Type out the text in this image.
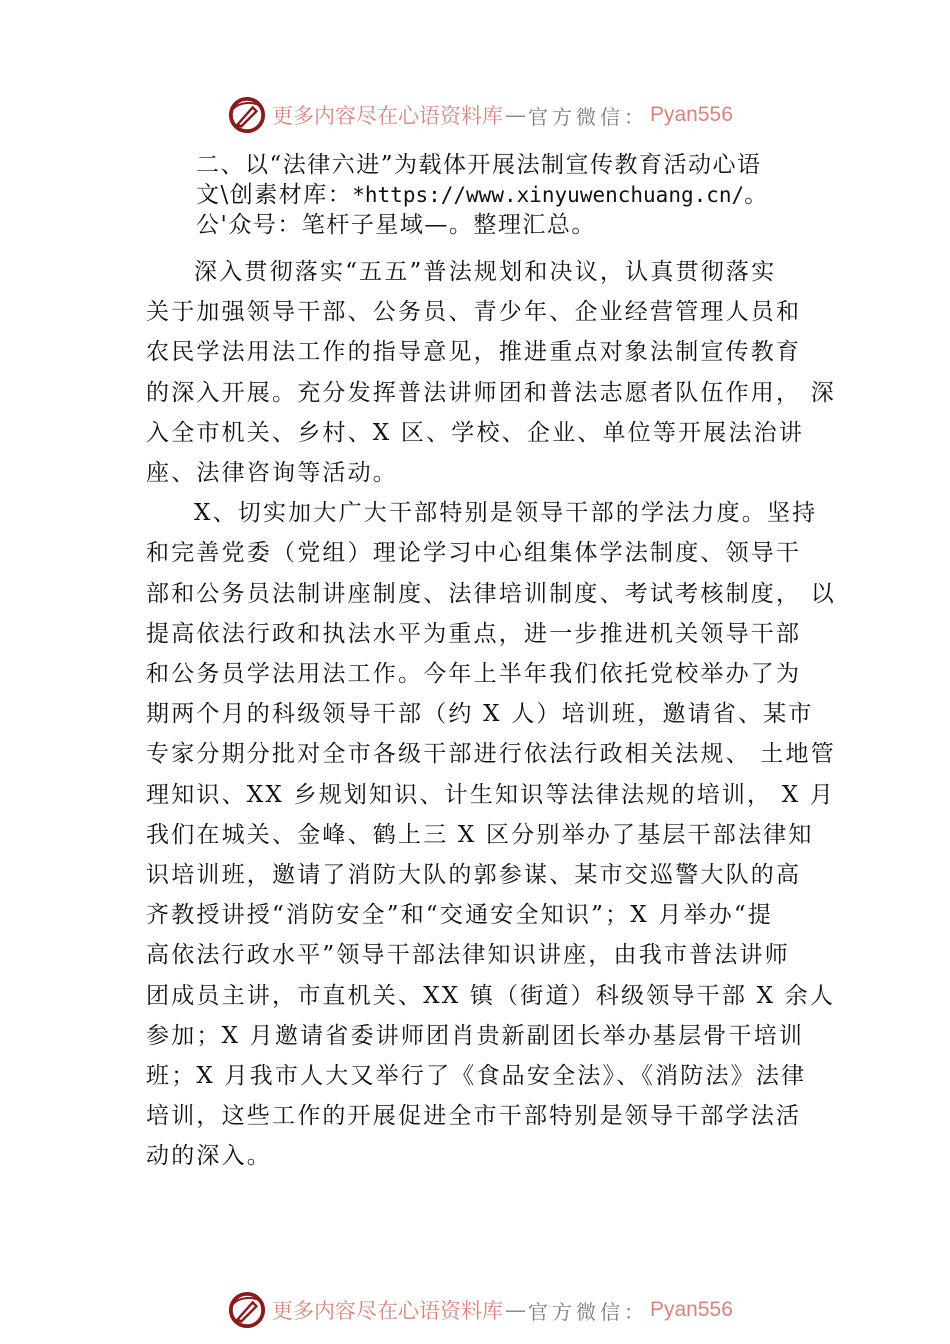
更多内容尽在心语资料库 — 官方微信： Pyan556
二、以“法律六进”为载体开展法制宣传教育活动心语
文\创素材库：*https://www.xinyuwenchuang.cn/。
公'众号：笔杆子星域—。整理汇总。
深入贯彻落实“五五”普法规划和决议，认真贯彻落实
关于加强领导干部、公务员、青少年、企业经营管理人员和
农民学法用法工作的指导意见，推进重点对象法制宣传教育
的深入开展。充分发挥普法讲师团和普法志愿者队伍作用， 深
入全市机关、乡村、X 区、学校、企业、单位等开展法治讲
座、法律咨询等活动。
X、切实加大广大干部特别是领导干部的学法力度。坚持
和完善党委（党组）理论学习中心组集体学法制度、领导干
部和公务员法制讲座制度、法律培训制度、考试考核制度， 以
提高依法行政和执法水平为重点，进一步推进机关领导干部
和公务员学法用法工作。今年上半年我们依托党校举办了为
期两个月的科级领导干部（约 X 人）培训班，邀请省、某市
专家分期分批对全市各级干部进行依法行政相关法规、 土地管
理知识、XX 乡规划知识、计生知识等法律法规的培训， X 月
我们在城关、金峰、鹤上三 X 区分别举办了基层干部法律知
识培训班，邀请了消防大队的郭参谋、某市交巡警大队的高
齐教授讲授“消防安全”和“交通安全知识”；X 月举办“提
高依法行政水平”领导干部法律知识讲座，由我市普法讲师
团成员主讲，市直机关、XX 镇（街道）科级领导干部 X 余人
参加；X 月邀请省委讲师团肖贵新副团长举办基层骨干培训
班；X 月我市人大又举行了《食品安全法》、《消防法》法律
培训，这些工作的开展促进全市干部特别是领导干部学法活
动的深入。
更多内容尽在心语资料库 — 官方微信： Pyan556
